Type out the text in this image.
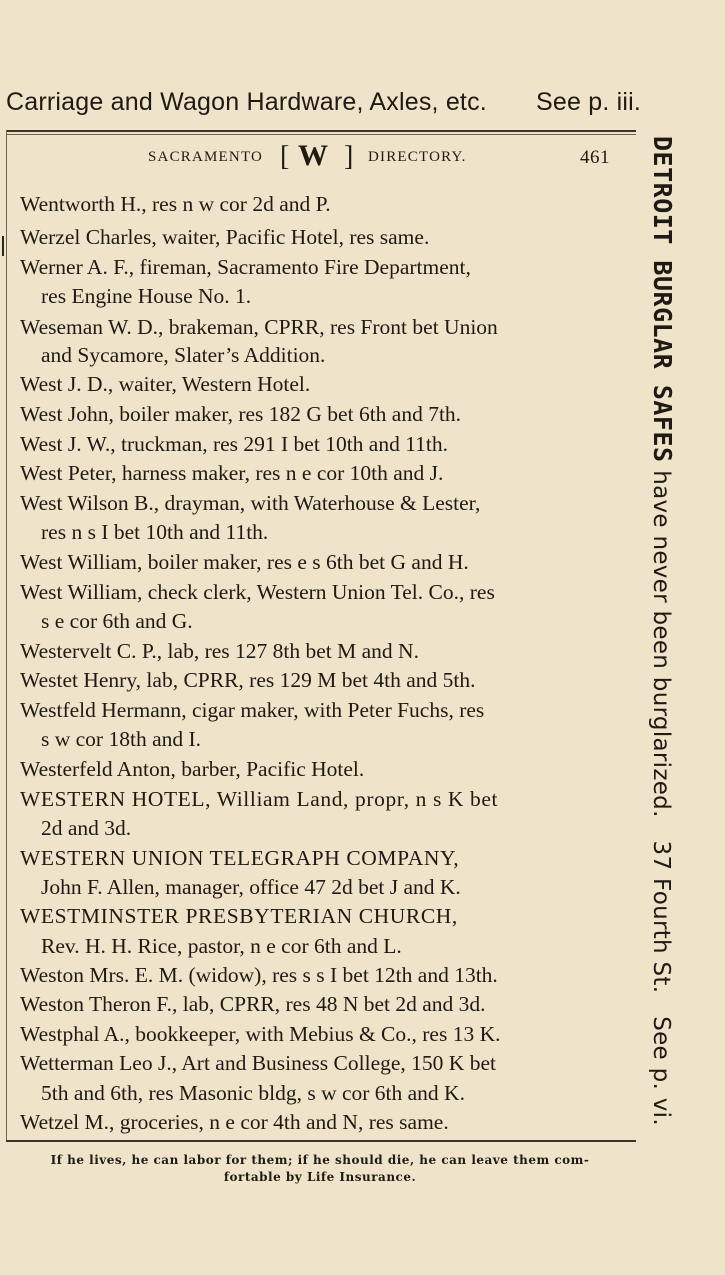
Carriage and Wagon Hardware, Axles, etc. See p. iii.
SACRAMENTO [ W ] DIRECTORY.	461
Wentworth H., res n w cor 2d and P.
Werzel Charles, waiter, Pacific Hotel, res same.
Werner A. F., fireman, Sacramento Fire Department,
res Engine House No. 1.
Weseman W. D., brakeman, CPRR, res Front bet Union
and Sycamore, Slater’s Addition.
West J. D., waiter, Western Hotel.
West John, boiler maker, res 182 G bet 6th and 7th.
West J. W., truckman, res 291 I bet 10th and 11th.
West Peter, harness maker, res n e cor 10th and J.
West Wilson B., drayman, with Waterhouse & Lester,
res n s I bet 10th and 11th.
West William, boiler maker, res e s 6th bet G and H.
West William, check clerk, Western Union Tel. Co., res
s e cor 6th and G.
Westervelt C. P., lab, res 127 8th bet M and N.
Westet Henry, lab, CPRR, res 129 M bet 4th and 5th.
Westfeld Hermann, cigar maker, with Peter Fuchs, res
s w cor 18th and I.
Westerfeld Anton, barber, Pacific Hotel.
WESTERN HOTEL, William Land, propr, n s K bet
2d and 3d.
WESTERN UNION TELEGRAPH COMPANY,
John F. Allen, manager, office 47 2d bet J and K.
WESTMINSTER PRESBYTERIAN CHURCH,
Rev. H. H. Rice, pastor, n e cor 6th and L.
Weston Mrs. E. M. (widow), res s s I bet 12th and 13th.
Weston Theron F., lab, CPRR, res 48 N bet 2d and 3d.
Westphal A., bookkeeper, with Mebius & Co., res 13 K.
Wetterman Leo J., Art and Business College, 150 K bet
5th and 6th, res Masonic bldg, s w cor 6th and K.
Wetzel M., groceries, n e cor 4th and N, res same.
DETROIT BURGLAR SAFES have never been burglarized.   37 Fourth St.   See p. vi.
If he lives, he can labor for them; if he should die, he can leave them com-
fortable by Life Insurance.
